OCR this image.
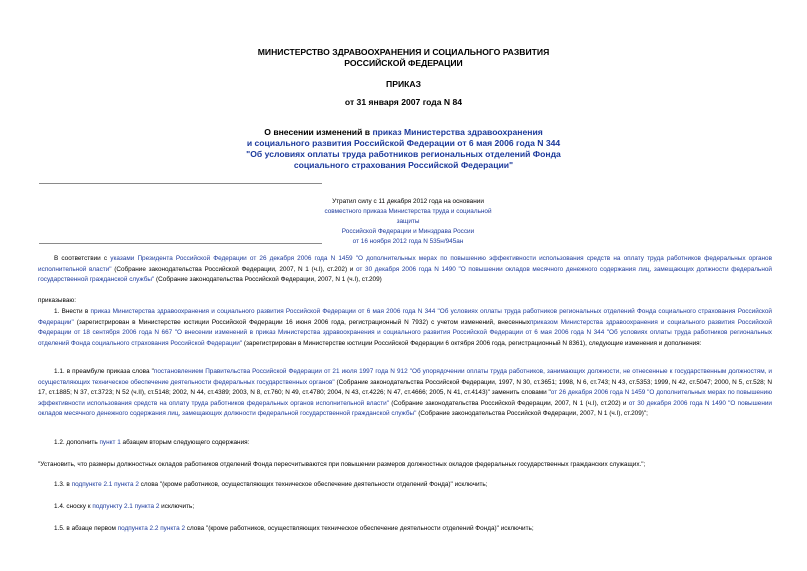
МИНИСТЕРСТВО ЗДРАВООХРАНЕНИЯ И СОЦИАЛЬНОГО РАЗВИТИЯ
РОССИЙСКОЙ ФЕДЕРАЦИИ
ПРИКАЗ
от 31 января 2007 года N 84
О внесении изменений в приказ Министерства здравоохранения
и социального развития Российской Федерации от 6 мая 2006 года N 344
"Об условиях оплаты труда работников региональных отделений Фонда
социального страхования Российской Федерации"
Утратил силу с 11 декабря 2012 года на основании
совместного приказа Министерства труда и социальной защиты
Российской Федерации и Минздрава России
от 16 ноября 2012 года N 535н/945ан
В соответствии с указами Президента Российской Федерации от 26 декабря 2006 года N 1459 "О дополнительных мерах по повышению эффективности использования средств на оплату труда работников федеральных органов исполнительной власти" (Собрание законодательства Российской Федерации, 2007, N 1 (ч.I), ст.202) и от 30 декабря 2006 года N 1490 "О повышении окладов месячного денежного содержания лиц, замещающих должности федеральной государственной гражданской службы" (Собрание законодательства Российской Федерации, 2007, N 1 (ч.I), ст.209)
приказываю:
1. Внести в приказ Министерства здравоохранения и социального развития Российской Федерации от 6 мая 2006 года N 344 "Об условиях оплаты труда работников региональных отделений Фонда социального страхования Российской Федерации" (зарегистрирован в Министерстве юстиции Российской Федерации 16 июня 2006 года, регистрационный N 7932) с учетом изменений, внесенныхприказом Министерства здравоохранения и социального развития Российской Федерации от 18 сентября 2006 года N 667 "О внесении изменений в приказ Министерства здравоохранения и социального развития Российской Федерации от 6 мая 2006 года N 344 "Об условиях оплаты труда работников региональных отделений Фонда социального страхования Российской Федерации" (зарегистрирован в Министерстве юстиции Российской Федерации 6 октября 2006 года, регистрационный N 8361), следующие изменения и дополнения:
1.1. в преамбуле приказа слова "постановлением Правительства Российской Федерации от 21 июля 1997 года N 912 "Об упорядочении оплаты труда работников, занимающих должности, не отнесенные к государственным должностям, и осуществляющих техническое обеспечение деятельности федеральных государственных органов" (Собрание законодательства Российской Федерации, 1997, N 30, ст.3651; 1998, N 6, ст.743; N 43, ст.5353; 1999, N 42, ст.5047; 2000, N 5, ст.528; N 17, ст.1885; N 37, ст.3723; N 52 (ч.II), ст.5148; 2002, N 44, ст.4389; 2003, N 8, ст.760; N 49, ст.4780; 2004, N 43, ст.4226; N 47, ст.4666; 2005, N 41, ст.4143)" заменить словами "от 26 декабря 2006 года N 1459 "О дополнительных мерах по повышению эффективности использования средств на оплату труда работников федеральных органов исполнительной власти" (Собрание законодательства Российской Федерации, 2007, N 1 (ч.I), ст.202) и от 30 декабря 2006 года N 1490 "О повышении окладов месячного денежного содержания лиц, замещающих должности федеральной государственной гражданской службы" (Собрание законодательства Российской Федерации, 2007, N 1 (ч.I), ст.209)";
1.2. дополнить пункт 1 абзацем вторым следующего содержания:
"Установить, что размеры должностных окладов работников отделений Фонда пересчитываются при повышении размеров должностных окладов федеральных государственных гражданских служащих.";
1.3. в подпункте 2.1 пункта 2 слова "(кроме работников, осуществляющих техническое обеспечение деятельности отделений Фонда)" исключить;
1.4. сноску к подпункту 2.1 пункта 2 исключить;
1.5. в абзаце первом подпункта 2.2 пункта 2 слова "(кроме работников, осуществляющих техническое обеспечение деятельности отделений Фонда)" исключить;
